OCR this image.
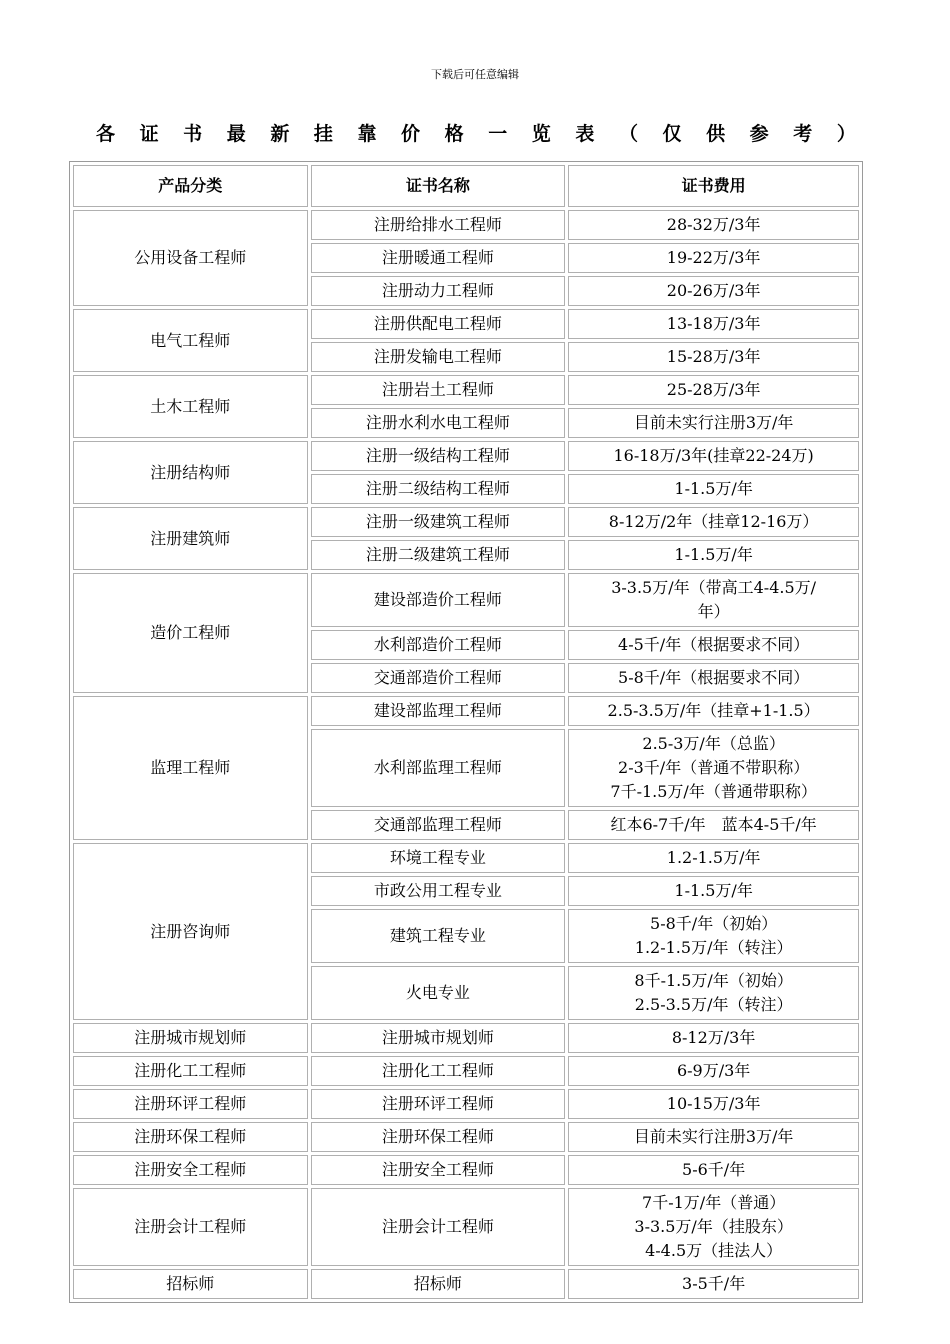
下载后可任意编辑
各 证 书 最 新 挂 靠 价 格 一 览 表 （ 仅 供 参 考 ）
产品分类	证书名称	证书费用
公用设备工程师	注册给排水工程师	28-32万/3年

	注册暖通工程师	19-22万/3年

	注册动力工程师	20-26万/3年

电气工程师	注册供配电工程师	13-18万/3年

	注册发输电工程师	15-28万/3年

土木工程师	注册岩土工程师	25-28万/3年

	注册水利水电工程师	目前未实行注册3万/年

注册结构师	注册一级结构工程师	16-18万/3年(挂章22-24万)

	注册二级结构工程师	1-1.5万/年

注册建筑师	注册一级建筑工程师	8-12万/2年（挂章12-16万）

	注册二级建筑工程师	1-1.5万/年

造价工程师	建设部造价工程师	3-3.5万/年（带高工4-4.5万/
年）

	水利部造价工程师	4-5千/年（根据要求不同）

	交通部造价工程师	5-8千/年（根据要求不同）

监理工程师	建设部监理工程师	2.5-3.5万/年（挂章+1-1.5）

	水利部监理工程师	2.5-3万/年（总监）
2-3千/年（普通不带职称）
7千-1.5万/年（普通带职称）

	交通部监理工程师	红本6-7千/年　蓝本4-5千/年

注册咨询师	环境工程专业	1.2-1.5万/年

	市政公用工程专业	1-1.5万/年

	建筑工程专业	5-8千/年（初始）
1.2-1.5万/年（转注）

	火电专业	8千-1.5万/年（初始）
2.5-3.5万/年（转注）

注册城市规划师	注册城市规划师	8-12万/3年

注册化工工程师	注册化工工程师	6-9万/3年

注册环评工程师	注册环评工程师	10-15万/3年

注册环保工程师	注册环保工程师	目前未实行注册3万/年

注册安全工程师	注册安全工程师	5-6千/年

注册会计工程师	注册会计工程师	7千-1万/年（普通）
3-3.5万/年（挂股东）
4-4.5万（挂法人）

招标师	招标师	3-5千/年
